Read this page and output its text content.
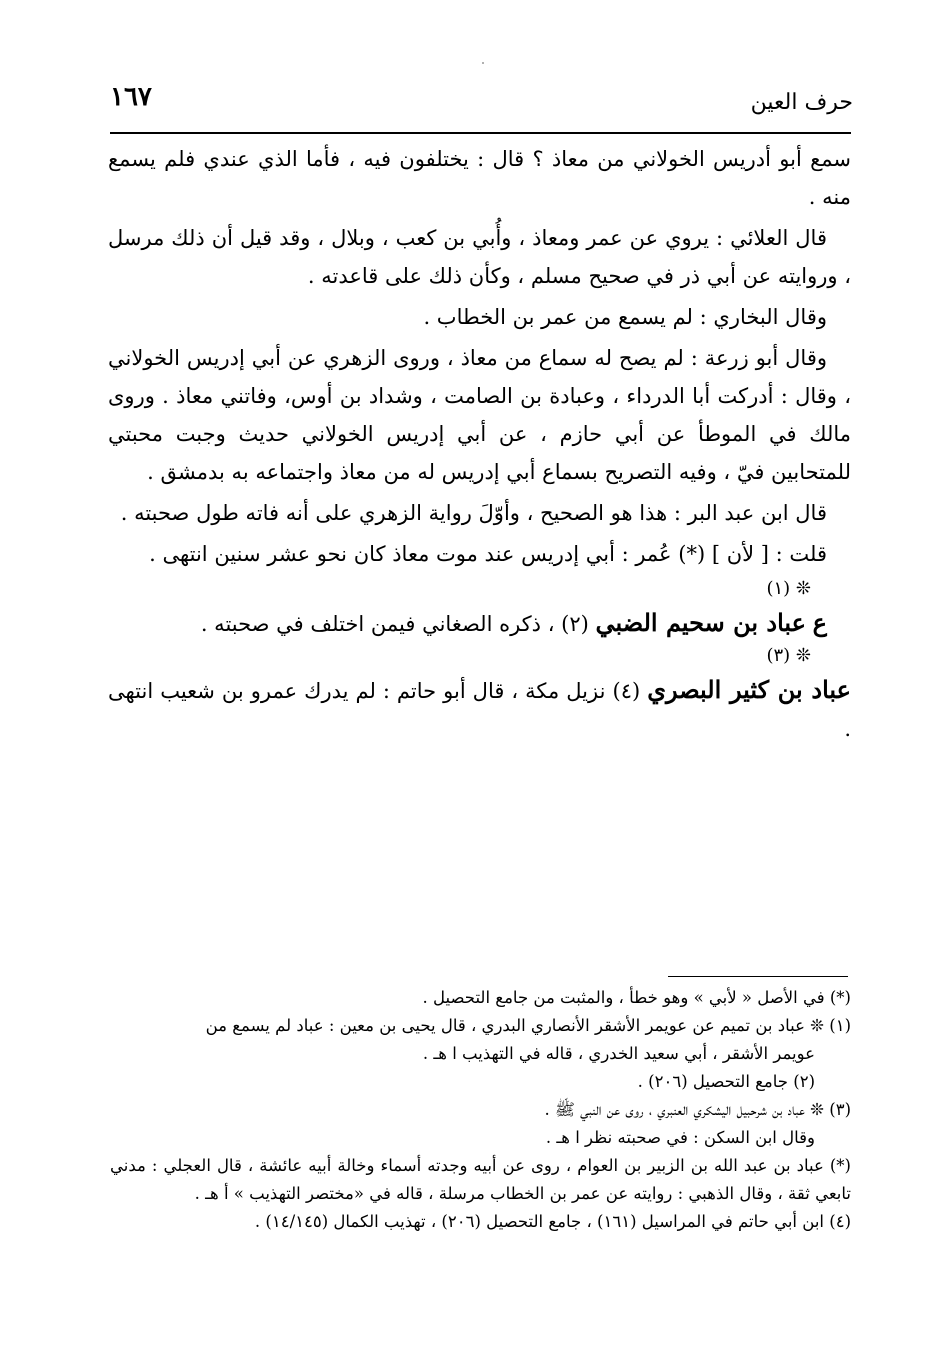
حرف العين
١٦٧

سمع أبو أدريس الخولاني من معاذ ؟ قال : يختلفون فيه ، فأما الذي عندي فلم يسمع منه .

قال العلائي : يروي عن عمر ومعاذ ، وأُبي بن كعب ، وبلال ، وقد قيل أن ذلك مرسل ، وروايته عن أبي ذر في صحيح مسلم ، وكأن ذلك على قاعدته .

وقال البخاري : لم يسمع من عمر بن الخطاب .

وقال أبو زرعة : لم يصح له سماع من معاذ ، وروى الزهري عن أبي إدريس الخولاني ، وقال : أدركت أبا الدرداء ، وعبادة بن الصامت ، وشداد بن أوس، وفاتني معاذ . وروى مالك في الموطأ عن أبي حازم ، عن أبي إدريس الخولاني حديث وجبت محبتي للمتحابين فيّ ، وفيه التصريح بسماع أبي إدريس له من معاذ واجتماعه به بدمشق .

قال ابن عبد البر : هذا هو الصحيح ، وأوّلَ رواية الزهري على أنه فاته طول صحبته .

قلت : [ لأن ] (*) عُمر : أبي إدريس عند موت معاذ كان نحو عشر سنين انتهى .

❊ (١)

ع عباد بن سحيم الضبي (٢) ، ذكره الصغاني فيمن اختلف في صحبته .

❊ (٣)

عباد بن كثير البصري (٤) نزيل مكة ، قال أبو حاتم : لم يدرك عمرو بن شعيب انتهى .

(*) في الأصل « لأبي » وهو خطأ ، والمثبت من جامع التحصيل .

(١) ❊ عباد بن تميم عن عويمر الأشقر الأنصاري البدري ، قال يحيى بن معين : عباد لم يسمع من

عويمر الأشقر ، أبي سعيد الخدري ، قاله في التهذيب ا هـ .

(٢) جامع التحصيل (٢٠٦) .

(٣) ❊ عباد بن شرحبيل اليشكري العنبري ، روى عن النبي ﷺ .

وقال ابن السكن : في صحبته نظر ا هـ .

(*) عباد بن عبد الله بن الزبير بن العوام ، روى عن أبيه وجدته أسماء وخالة أبيه عائشة ، قال العجلي : مدني تابعي ثقة ، وقال الذهبي : روايته عن عمر بن الخطاب مرسلة ، قاله في «مختصر التهذيب » أ هـ .

(٤) ابن أبي حاتم في المراسيل (١٦١) ، جامع التحصيل (٢٠٦) ، تهذيب الكمال (١٤/١٤٥) .
